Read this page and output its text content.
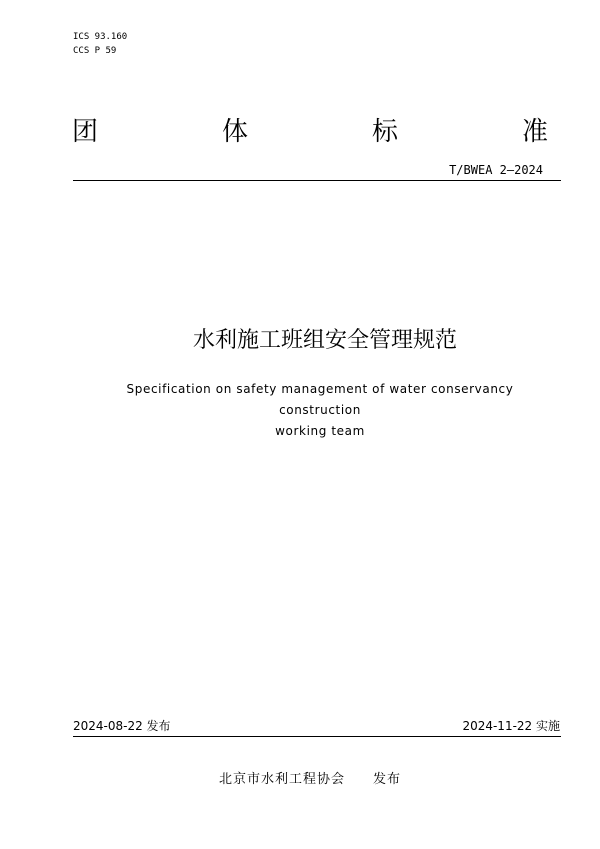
ICS 93.160
CCS P 59
团	体	标	准
T/BWEA 2—2024
水利施工班组安全管理规范
Specification on safety management of water conservancy construction
working team
2024-08-22 发布	2024-11-22 实施
北京市水利工程协会　　发布
